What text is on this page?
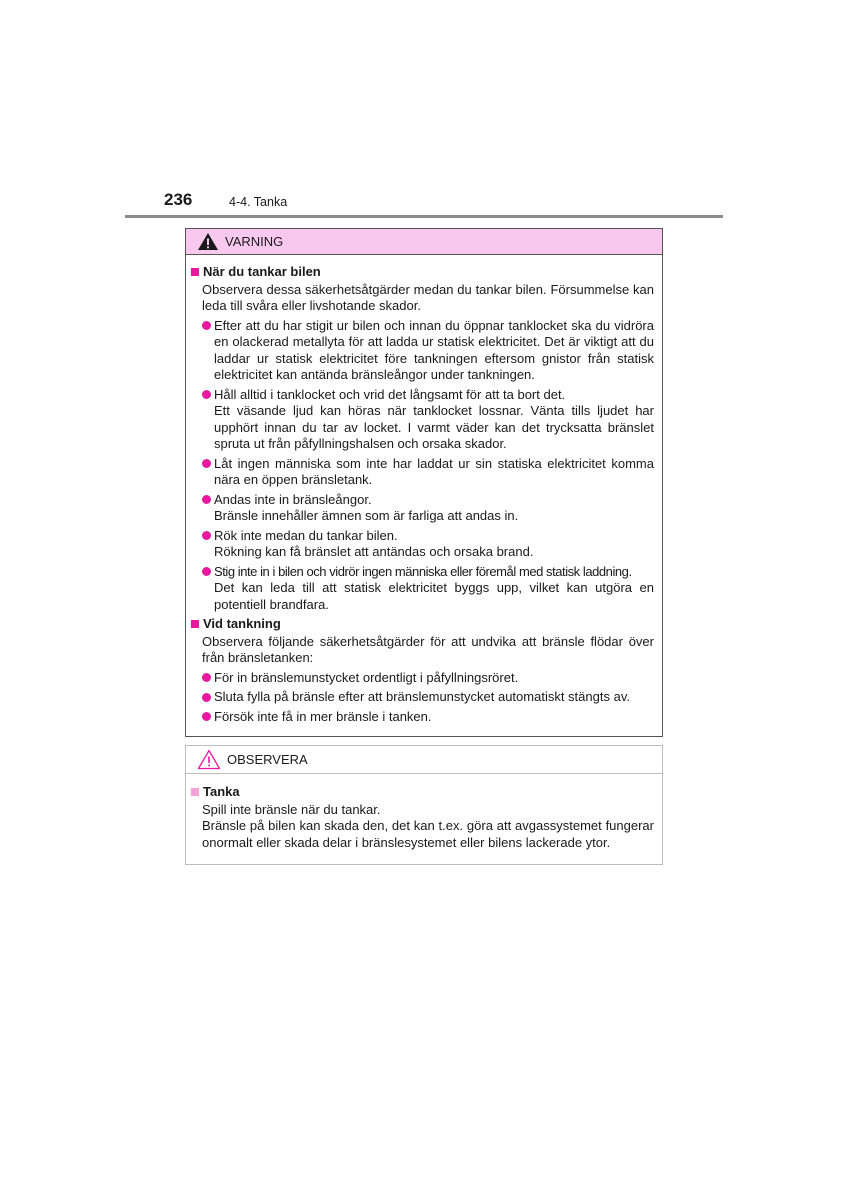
236	4-4. Tanka
VARNING
När du tankar bilen
Observera dessa säkerhetsåtgärder medan du tankar bilen. Försummelse kan leda till svåra eller livshotande skador.
Efter att du har stigit ur bilen och innan du öppnar tanklocket ska du vidröra en olackerad metallyta för att ladda ur statisk elektricitet. Det är viktigt att du laddar ur statisk elektricitet före tankningen eftersom gnistor från statisk elektricitet kan antända bränsleångor under tankningen.
Håll alltid i tanklocket och vrid det långsamt för att ta bort det.
Ett väsande ljud kan höras när tanklocket lossnar. Vänta tills ljudet har upphört innan du tar av locket. I varmt väder kan det trycksatta bränslet spruta ut från påfyllningshalsen och orsaka skador.
Låt ingen människa som inte har laddat ur sin statiska elektricitet komma nära en öppen bränsletank.
Andas inte in bränsleångor.
Bränsle innehåller ämnen som är farliga att andas in.
Rök inte medan du tankar bilen.
Rökning kan få bränslet att antändas och orsaka brand.
Stig inte in i bilen och vidrör ingen människa eller föremål med statisk laddning.
Det kan leda till att statisk elektricitet byggs upp, vilket kan utgöra en potentiell brandfara.
Vid tankning
Observera följande säkerhetsåtgärder för att undvika att bränsle flödar över från bränsletanken:
För in bränslemunstycket ordentligt i påfyllningsröret.
Sluta fylla på bränsle efter att bränslemunstycket automatiskt stängts av.
Försök inte få in mer bränsle i tanken.
OBSERVERA
Tanka
Spill inte bränsle när du tankar.
Bränsle på bilen kan skada den, det kan t.ex. göra att avgassystemet fungerar onormalt eller skada delar i bränslesystemet eller bilens lackerade ytor.
